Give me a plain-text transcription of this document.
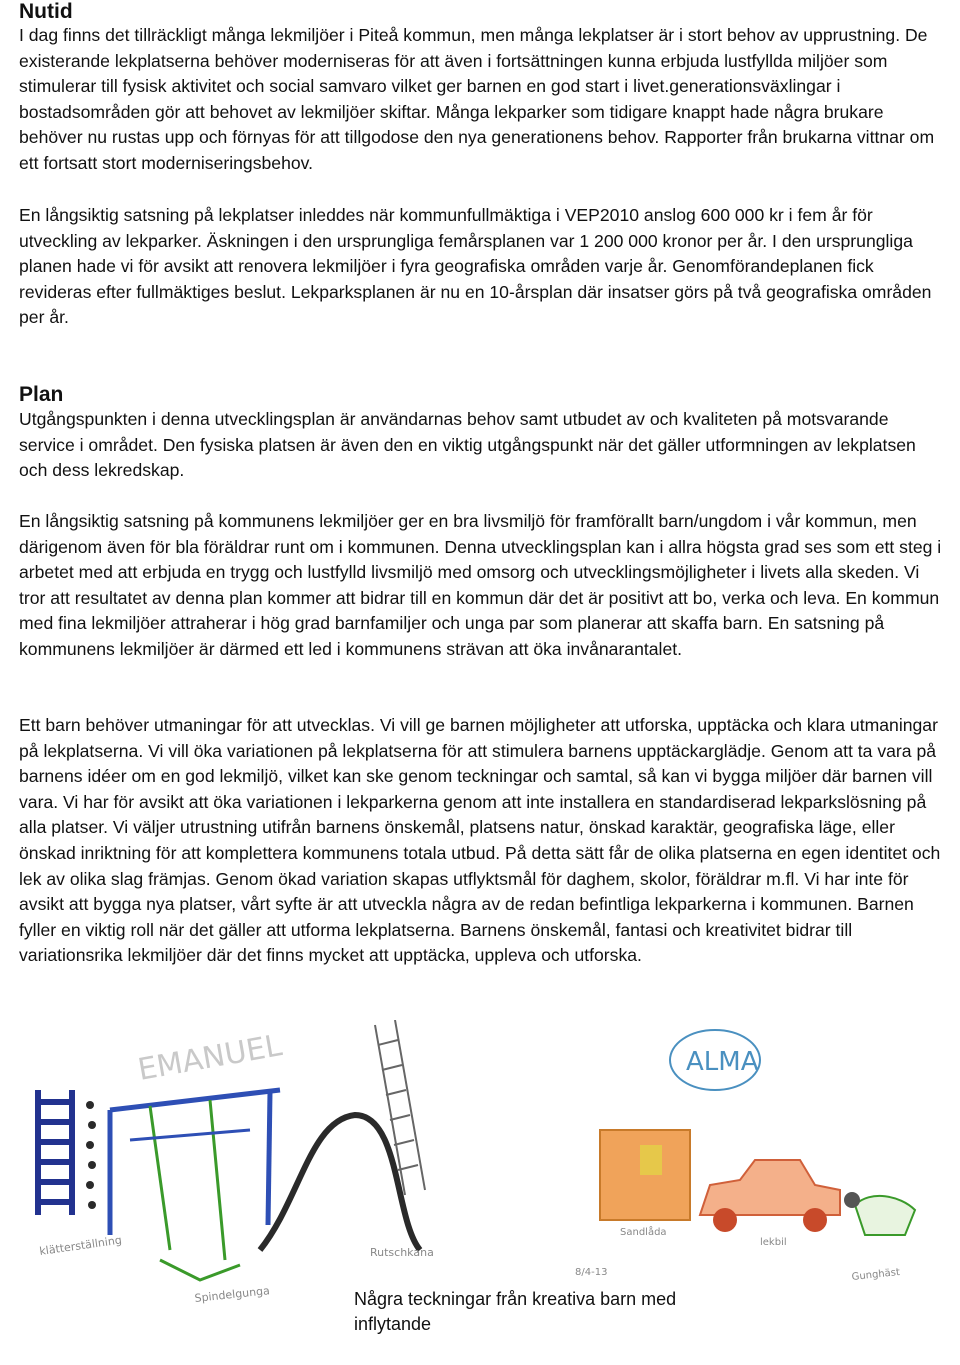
Nutid

I dag finns det tillräckligt många lekmiljöer i Piteå kommun, men många lekplatser är i stort behov av upprustning. De existerande lekplatserna behöver moderniseras för att även i fortsättningen kunna erbjuda lustfyllda miljöer som stimulerar till fysisk aktivitet och social samvaro vilket ger barnen en god start i livet.generationsväxlingar i bostadsområden gör att behovet av lekmiljöer skiftar. Många lekparker som tidigare knappt hade några brukare behöver nu rustas upp och förnyas för att tillgodose den nya generationens behov. Rapporter från brukarna vittnar om ett fortsatt stort moderniseringsbehov.

En långsiktig satsning på lekplatser inleddes när kommunfullmäktiga i VEP2010 anslog 600 000 kr i fem år för utveckling av lekparker. Äskningen i den ursprungliga femårsplanen var 1 200 000 kronor per år. I den ursprungliga planen hade vi för avsikt att renovera lekmiljöer i fyra geografiska områden varje år. Genomförandeplanen fick revideras efter fullmäktiges beslut. Lekparksplanen är nu en 10-årsplan där insatser görs på två geografiska områden per år.

Plan

Utgångspunkten i denna utvecklingsplan är användarnas behov samt utbudet av och kvaliteten på motsvarande service i området. Den fysiska platsen är även den en viktig utgångspunkt när det gäller utformningen av lekplatsen och dess lekredskap.

En långsiktig satsning på kommunens lekmiljöer ger en bra livsmiljö för framförallt barn/ungdom i vår kommun, men därigenom även för bla föräldrar runt om i kommunen. Denna utvecklingsplan kan i allra högsta grad ses som ett steg i arbetet med att erbjuda en trygg och lustfylld livsmiljö med omsorg och utvecklingsmöjligheter i livets alla skeden. Vi tror att resultatet av denna plan kommer att bidrar till en kommun där det är positivt att bo, verka och leva. En kommun med fina lekmiljöer attraherar i hög grad barnfamiljer och unga par som planerar att skaffa barn. En satsning på kommunens lekmiljöer är därmed ett led i kommunens strävan att öka invånarantalet.

Ett barn behöver utmaningar för att utvecklas. Vi vill ge barnen möjligheter att utforska, upptäcka och klara utmaningar på lekplatserna. Vi vill öka variationen på lekplatserna för att stimulera barnens upptäckarglädje. Genom att ta vara på barnens idéer om en god lekmiljö, vilket kan ske genom teckningar och samtal, så kan vi bygga miljöer där barnen vill vara. Vi har för avsikt att öka variationen i lekparkerna genom att inte installera en standardiserad lekparkslösning på alla platser. Vi väljer utrustning utifrån barnens önskemål, platsens natur, önskad karaktär, geografiska läge, eller önskad inriktning för att komplettera kommunens totala utbud. På detta sätt får de olika platserna en egen identitet och lek av olika slag främjas. Genom ökad variation skapas utflyktsmål för daghem, skolor, föräldrar m.fl. Vi har inte för avsikt att bygga nya platser, vårt syfte är att utveckla några av de redan befintliga lekparkerna i kommunen. Barnen fyller en viktig roll när det gäller att utforma lekplatserna. Barnens önskemål, fantasi och kreativitet bidrar till variationsrika lekmiljöer där det finns mycket att upptäcka, uppleva och utforska.

EMANUEL
klätterställning
Spindelgunga
Rutschkana
ALMA
Sandlåda
lekbil
Gunghäst
8/4-13

Några teckningar från kreativa barn med inflytande
